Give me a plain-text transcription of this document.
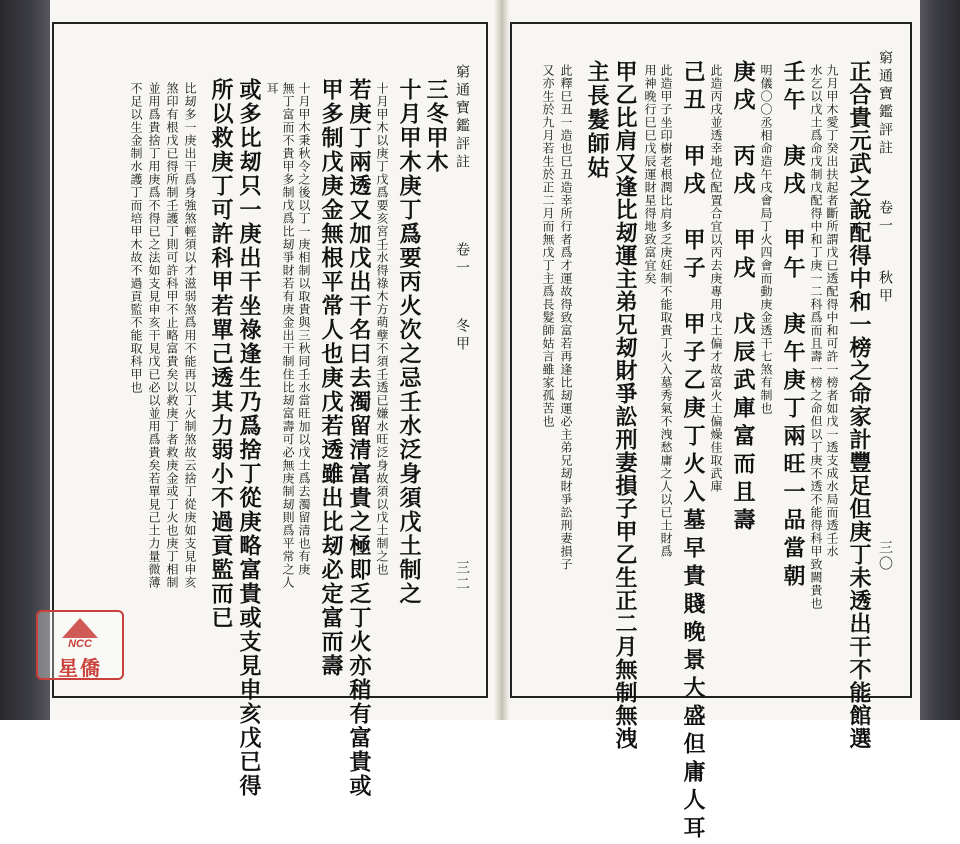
窮通寶鑑評註
卷一
冬甲
三二
三冬甲木
十月甲木庚丁爲要丙火次之忌壬水泛身須戊土制之
十月甲木以庚丁戊爲要亥宮壬水得祿木方萌孽不須壬透已嫌水旺泛身故須以戊土制之也
若庚丁兩透又加戊出干名曰去濁留清富貴之極即乏丁火亦稍有富貴或
甲多制戊庚金無根平常人也庚戊若透雖出比刼必定富而壽
十月甲木秉秋令之後以丁一庚相制以取貴與三秋同壬水當旺加以戊土爲去濁留清也有庚
無丁富而不貴甲多制戊爲比刼爭財若有庚金出干制住比刼富壽可必無庚制刼則爲平常之人
耳
或多比刼只一庚出干坐祿逢生乃爲捨丁從庚略富貴或支見申亥戊已得
所以救庚丁可許科甲若單己透其力弱小不過貢監而已
比刼多一庚出干爲身強煞輕須以才滋弱煞爲用不能再以丁火制煞故云捨丁從庚如支見申亥
煞印有根戊已得所制壬護丁則可許科甲不止略富貴矣以救庚丁者救庚金或丁火也庚丁相制
並用爲貴捨丁用庚爲不得已之法如支見申亥干見戊已必以並用爲貴矣若單見己土力量微薄
不足以生金制水護丁而培甲木故不過貢監不能取科甲也	窮通寶鑑評註
卷一
秋甲
三〇
正合貴元武之說配得中和一榜之命家計豐足但庚丁未透出干不能館選
九月甲木愛丁癸出扶起者斷所謂戊已透配得中和可許一榜者如戊一透支成水局而透壬水
水乞以戊土爲命戊制戊配得中和丁庚一二科爲而且壽一榜之命但以丁庚不透不能得科甲致闕貴也
壬午　庚戌　甲午　庚午庚丁兩旺一品當朝
明儀〇〇丞相命造午戌會局丁火四會而動庚金透干七煞有制也
庚戌　丙戌　甲戌　戊辰武庫富而且壽
此造丙戌並透幸地位配置合宜以丙去庚專用戊土偏才故富火土偏燥佳取武庫
己丑　甲戌　甲子　甲子乙庚丁火入墓早貴賤晚景大盛但庸人耳
此造甲子坐印樹老根潤比肩多乏庚妊制不能取貴丁火入墓秀氣不洩愁庸之人以已土財爲
用神晚行巳巳戊辰運財星得地致富宜矣
甲乙比肩又逢比刼運主弟兄刼財爭訟刑妻損子甲乙生正二月無制無洩
主長髮師姑
此釋巳丑一造也巳丑造幸所行者爲才運故得致富若再逢比刼運必主弟兄刼財爭訟刑妻損子
又亦生於九月若生於正二月而無戊丁主爲長髮師姑言雖家孤苦也
NCC
星僑
